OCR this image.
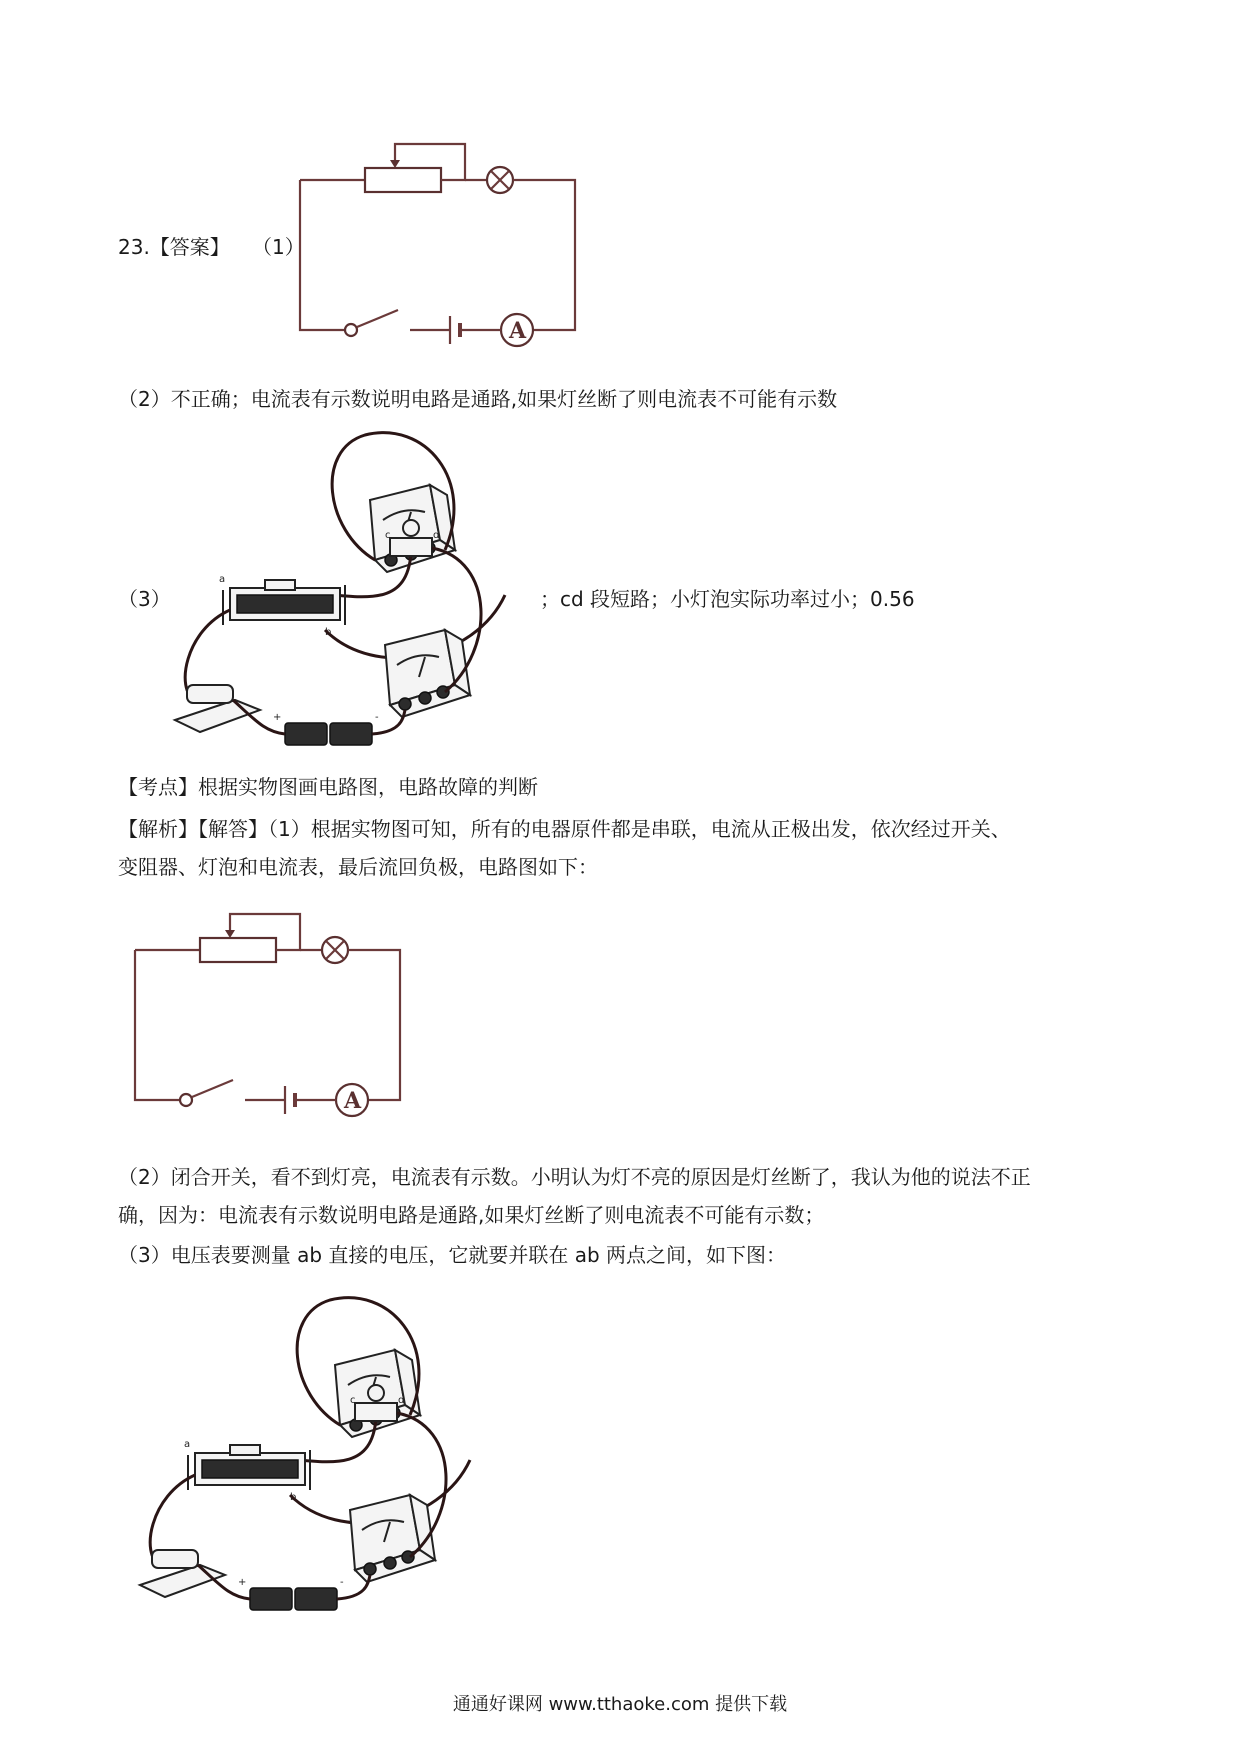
23.【答案】 （1）
A
（2）不正确；电流表有示数说明电路是通路,如果灯丝断了则电流表不可能有示数
（3）
a
b
c	d
+	-
；cd 段短路；小灯泡实际功率过小；0.56
【考点】根据实物图画电路图，电路故障的判断
【解析】【解答】（1）根据实物图可知，所有的电器原件都是串联，电流从正极出发，依次经过开关、
变阻器、灯泡和电流表，最后流回负极，电路图如下：
A
（2）闭合开关，看不到灯亮，电流表有示数。小明认为灯不亮的原因是灯丝断了，我认为他的说法不正
确，因为：电流表有示数说明电路是通路,如果灯丝断了则电流表不可能有示数；
（3）电压表要测量 ab 直接的电压，它就要并联在 ab 两点之间，如下图：
a
b
c	d
+	-
通通好课网 www.tthaoke.com 提供下载
